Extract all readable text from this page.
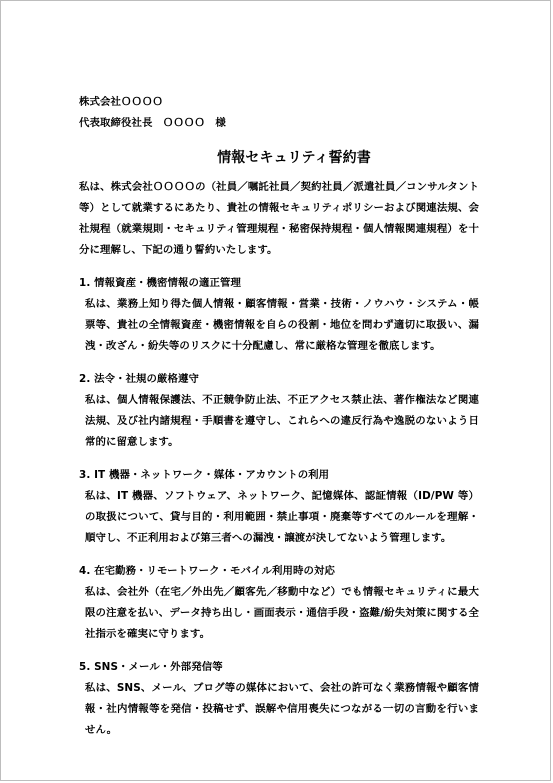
株式会社ＯＯＯＯ

代表取締役社長　ＯＯＯＯ　様

情報セキュリティ誓約書

私は、株式会社ＯＯＯＯの（社員／嘱託社員／契約社員／派遣社員／コンサルタント 等）として就業するにあたり、貴社の情報セキュリティポリシーおよび関連法規、会社規程（就業規則・セキュリティ管理規程・秘密保持規程・個人情報関連規程）を十分に理解し、下記の通り誓約いたします。

1. 情報資産・機密情報の適正管理

私は、業務上知り得た個人情報・顧客情報・営業・技術・ノウハウ・システム・帳票等、貴社の全情報資産・機密情報を自らの役割・地位を問わず適切に取扱い、漏洩・改ざん・紛失等のリスクに十分配慮し、常に厳格な管理を徹底します。

2. 法令・社規の厳格遵守

私は、個人情報保護法、不正競争防止法、不正アクセス禁止法、著作権法など関連法規、及び社内諸規程・手順書を遵守し、これらへの違反行為や逸脱のないよう日常的に留意します。

3. IT 機器・ネットワーク・媒体・アカウントの利用

私は、IT 機器、ソフトウェア、ネットワーク、記憶媒体、認証情報（ID/PW 等）の取扱について、貸与目的・利用範囲・禁止事項・廃棄等すべてのルールを理解・順守し、不正利用および第三者への漏洩・譲渡が決してないよう管理します。

4. 在宅勤務・リモートワーク・モバイル利用時の対応

私は、会社外（在宅／外出先／顧客先／移動中など）でも情報セキュリティに最大限の注意を払い、データ持ち出し・画面表示・通信手段・盗難/紛失対策に関する全社指示を確実に守ります。

5. SNS・メール・外部発信等

私は、SNS、メール、ブログ等の媒体において、会社の許可なく業務情報や顧客情報・社内情報等を発信・投稿せず、誤解や信用喪失につながる一切の言動を行いません。
